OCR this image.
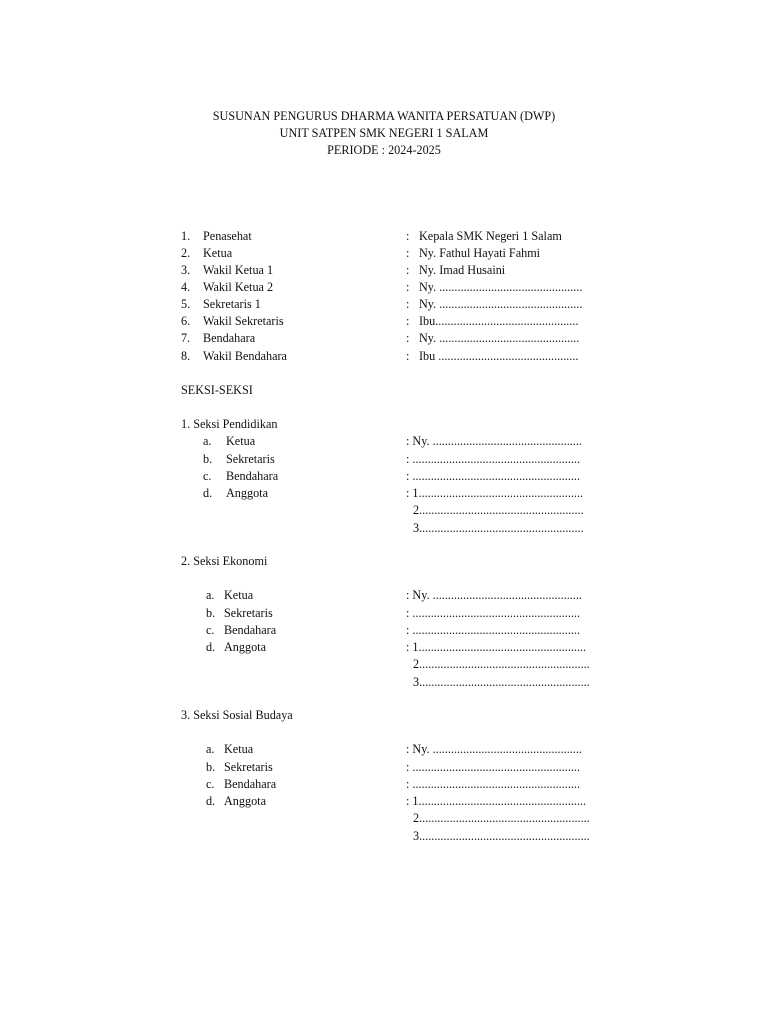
SUSUNAN PENGURUS DHARMA WANITA PERSATUAN (DWP)
UNIT SATPEN SMK NEGERI 1 SALAM
PERIODE : 2024-2025
1. Penasehat	: Kepala SMK Negeri 1 Salam
2. Ketua	: Ny. Fathul Hayati Fahmi
3. Wakil Ketua 1	: Ny. Imad Husaini
4. Wakil Ketua 2	: Ny. ...............................................
5. Sekretaris 1	: Ny. ...............................................
6. Wakil Sekretaris	: Ibu...............................................
7. Bendahara	: Ny. ..............................................
8. Wakil Bendahara	: Ibu ..............................................
SEKSI-SEKSI
1. Seksi Pendidikan
a. Ketua	: Ny. .................................................
b. Sekretaris	: .......................................................
c. Bendahara	: .......................................................
d. Anggota	: 1......................................................
2......................................................
3......................................................
2. Seksi Ekonomi
a. Ketua	: Ny. .................................................
b. Sekretaris	: .......................................................
c. Bendahara	: .......................................................
d. Anggota	: 1.......................................................
2........................................................
3........................................................
3. Seksi Sosial Budaya
a. Ketua	: Ny. .................................................
b. Sekretaris	: .......................................................
c. Bendahara	: .......................................................
d. Anggota	: 1.......................................................
2........................................................
3........................................................
